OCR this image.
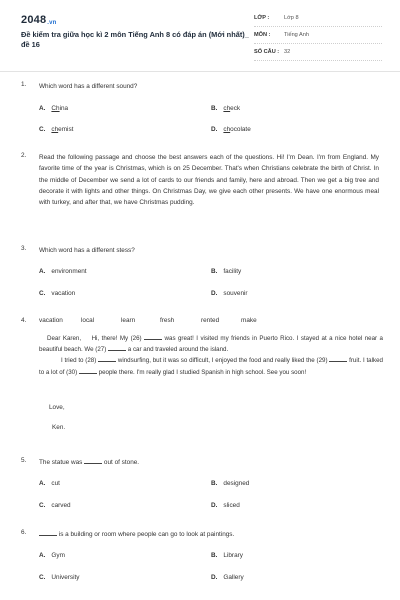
2048.vn
Đề kiểm tra giữa học kì 2 môn Tiếng Anh 8 có đáp án (Mới nhất)_ đề 16
LỚP :	Lớp 8
MÔN : Tiếng Anh
SỐ CÂU : 32
1. Which word has a different sound?
A. China	B. check
C. chemist	D. chocolate
2. Read the following passage and choose the best answers each of the questions. Hi! I'm Dean. I'm from England. My favorite time of the year is Christmas, which is on 25 December. That's when Christians celebrate the birth of Christ. In the middle of December we send a lot of cards to our friends and family, here and abroad. Then we get a big tree and decorate it with lights and other things. On Christmas Day, we give each other presents. We have one enormous meal with turkey, and after that, we have Christmas pudding.
3. Which word has a different stess?
A. environment	B. facility
C. vacation	D. souvenir
4. vacation	local	learn	fresh	rented	make
Dear Karen, Hi, there! My (26)	was great! I visited my friends in Puerto Rico. I stayed at a nice hotel near a beautiful beach. We (27)	a car and traveled around the island.
I tried to (28)	windsurfing, but it was so difficult, I enjoyed the food and really liked the (29)	fruit. I talked to a lot of (30)	people there. I'm really glad I studied Spanish in high school. See you soon!
Love,
Ken.
5. The statue was	out of stone.
A. cut	B. designed
C. carved	D. sliced
6.	is a building or room where people can go to look at paintings.
A. Gym	B. Library
C. University	D. Gallery
